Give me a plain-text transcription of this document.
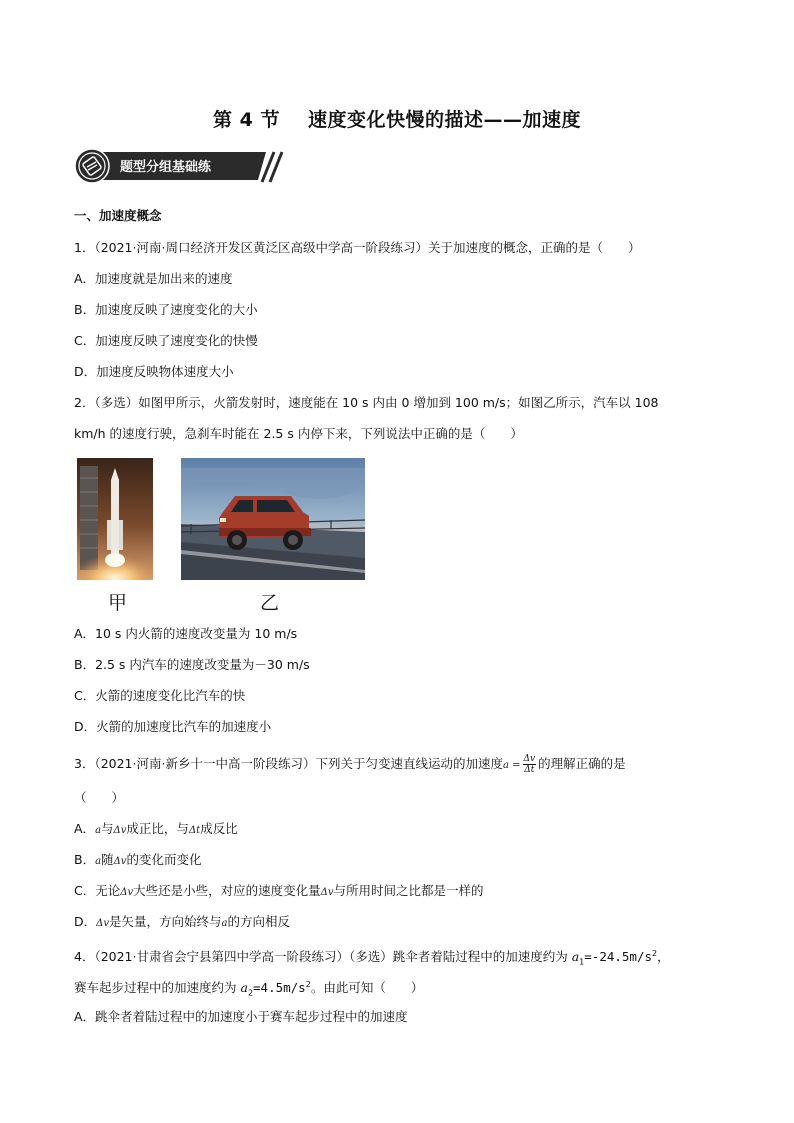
第 4 节 速度变化快慢的描述——加速度
题型分组基础练
一、加速度概念
1．（2021·河南·周口经济开发区黄泛区高级中学高一阶段练习）关于加速度的概念，正确的是（　　）
A．加速度就是加出来的速度
B．加速度反映了速度变化的大小
C．加速度反映了速度变化的快慢
D．加速度反映物体速度大小
2．（多选）如图甲所示，火箭发射时，速度能在 10 s 内由 0 增加到 100 m/s；如图乙所示，汽车以 108
km/h 的速度行驶，急刹车时能在 2.5 s 内停下来，下列说法中正确的是（　　）
甲	乙
A．10 s 内火箭的速度改变量为 10 m/s
B．2.5 s 内汽车的速度改变量为－30 m/s
C．火箭的速度变化比汽车的快
D．火箭的加速度比汽车的加速度小
3．（2021·河南·新乡十一中高一阶段练习）下列关于匀变速直线运动的加速度$a = \frac{\Delta v}{\Delta t}$ 的理解正确的是
（　　）
A．a与Δv成正比，与Δt成反比
B．a随Δv的变化而变化
C．无论Δv大些还是小些，对应的速度变化量Δv与所用时间之比都是一样的
D．Δv是矢量，方向始终与a的方向相反
4．（2021·甘肃省会宁县第四中学高一阶段练习）（多选）跳伞者着陆过程中的加速度约为 $a_1=-24.5m/s^2$，
赛车起步过程中的加速度约为 $a_2=4.5m/s^2$。由此可知（　　）
A．跳伞者着陆过程中的加速度小于赛车起步过程中的加速度
